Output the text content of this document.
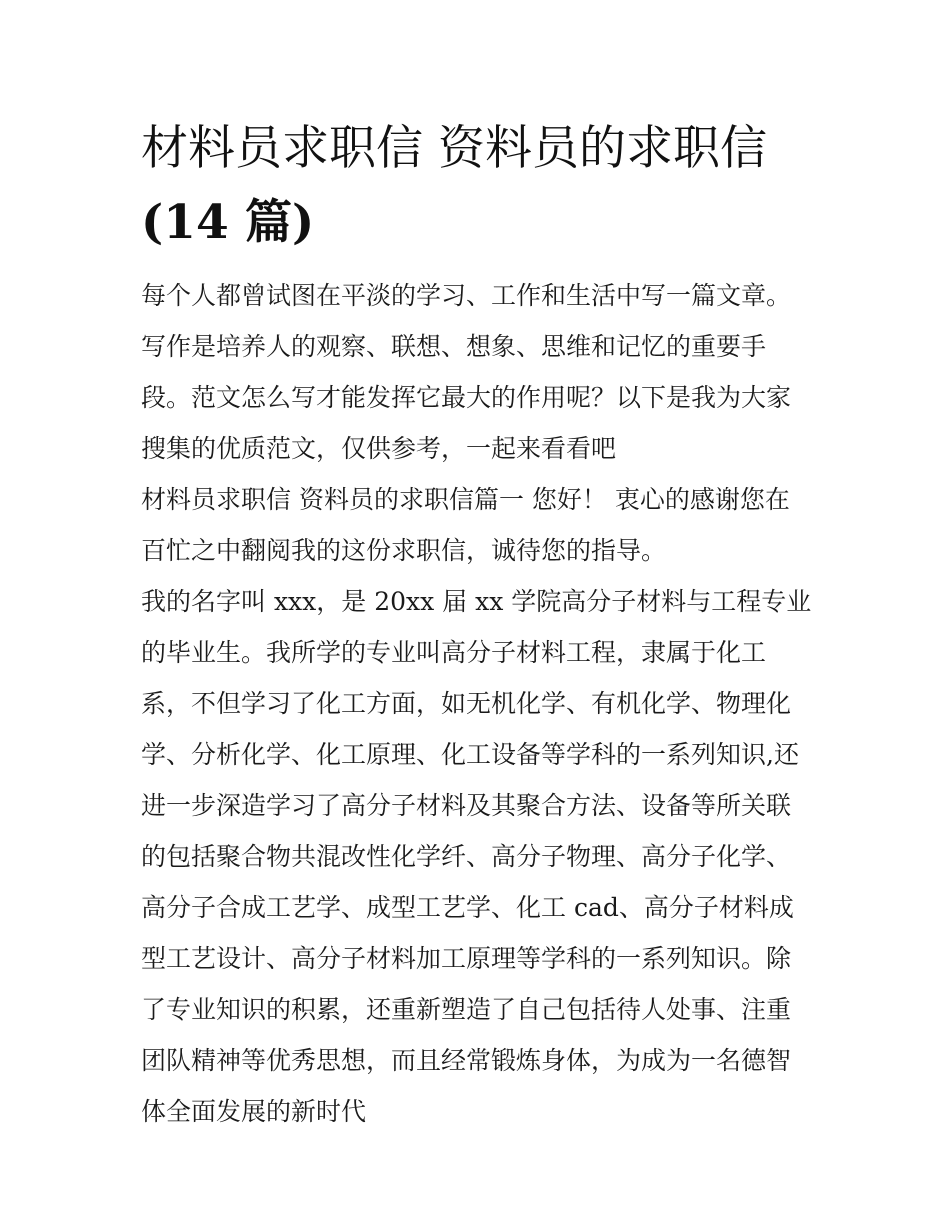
材料员求职信 资料员的求职信
(14 篇)

每个人都曾试图在平淡的学习、工作和生活中写一篇文章。写作是培养人的观察、联想、想象、思维和记忆的重要手段。范文怎么写才能发挥它最大的作用呢？以下是我为大家搜集的优质范文，仅供参考，一起来看看吧

材料员求职信 资料员的求职信篇一 您好！ 衷心的感谢您在百忙之中翻阅我的这份求职信，诚待您的指导。

我的名字叫 xxx，是 20xx 届 xx 学院高分子材料与工程专业的毕业生。我所学的专业叫高分子材料工程，隶属于化工系，不但学习了化工方面，如无机化学、有机化学、物理化学、分析化学、化工原理、化工设备等学科的一系列知识,还进一步深造学习了高分子材料及其聚合方法、设备等所关联的包括聚合物共混改性化学纤、高分子物理、高分子化学、高分子合成工艺学、成型工艺学、化工 cad、高分子材料成型工艺设计、高分子材料加工原理等学科的一系列知识。除了专业知识的积累，还重新塑造了自己包括待人处事、注重团队精神等优秀思想，而且经常锻炼身体，为成为一名德智体全面发展的新时代
